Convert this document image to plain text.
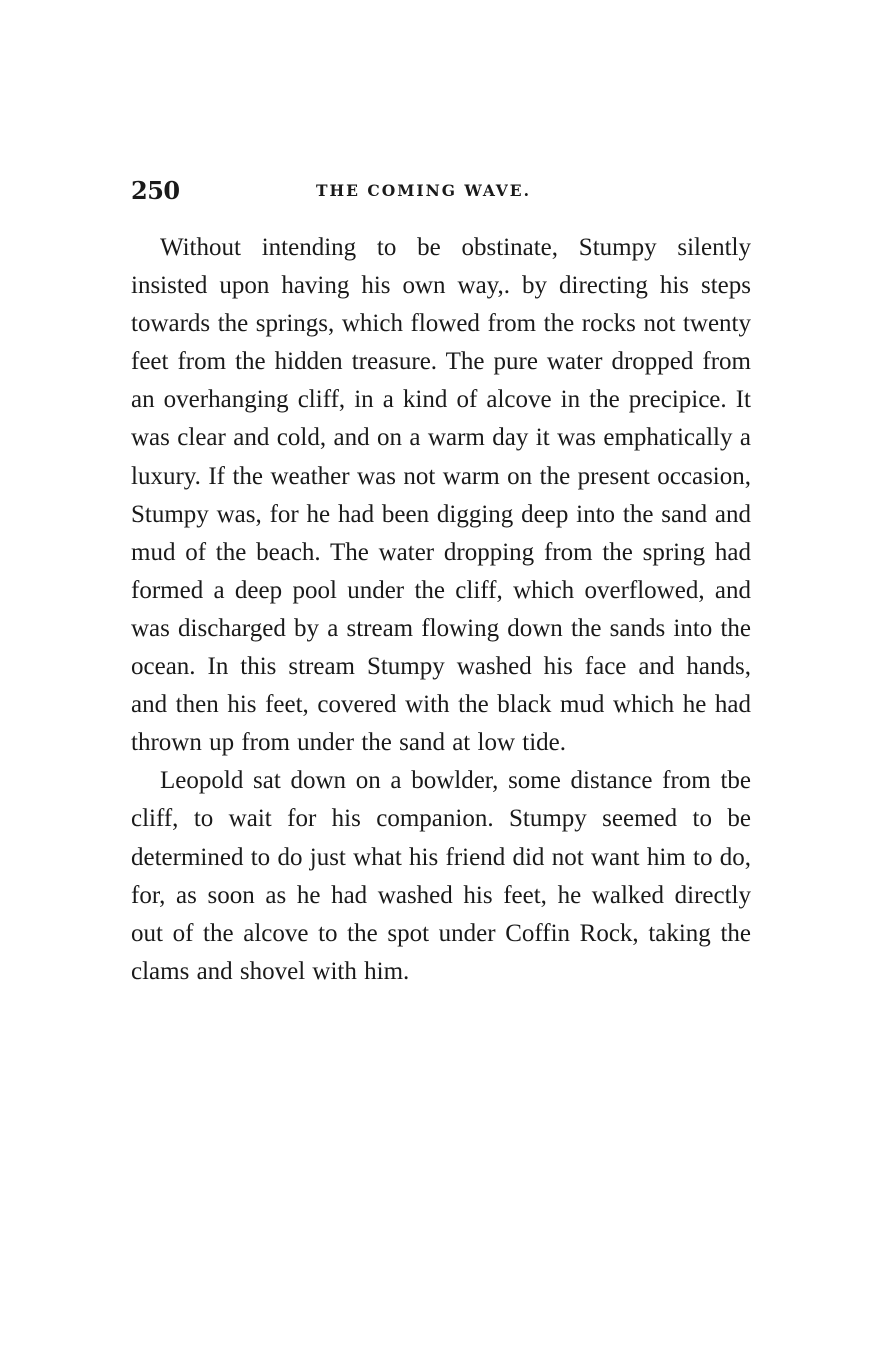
250	THE COMING WAVE.

Without intending to be obstinate, Stumpy silently insisted upon having his own way,. by directing his steps towards the springs, which flowed from the rocks not twenty feet from the hidden treasure. The pure water dropped from an overhanging cliff, in a kind of alcove in the precipice. It was clear and cold, and on a warm day it was emphatically a luxury. If the weather was not warm on the present occasion, Stumpy was, for he had been digging deep into the sand and mud of the beach. The water dropping from the spring had formed a deep pool under the cliff, which overflowed, and was discharged by a stream flowing down the sands into the ocean. In this stream Stumpy washed his face and hands, and then his feet, covered with the black mud which he had thrown up from under the sand at low tide.

Leopold sat down on a bowlder, some distance from tbe cliff, to wait for his companion. Stumpy seemed to be determined to do just what his friend did not want him to do, for, as soon as he had washed his feet, he walked directly out of the alcove to the spot under Coffin Rock, taking the clams and shovel with him.
